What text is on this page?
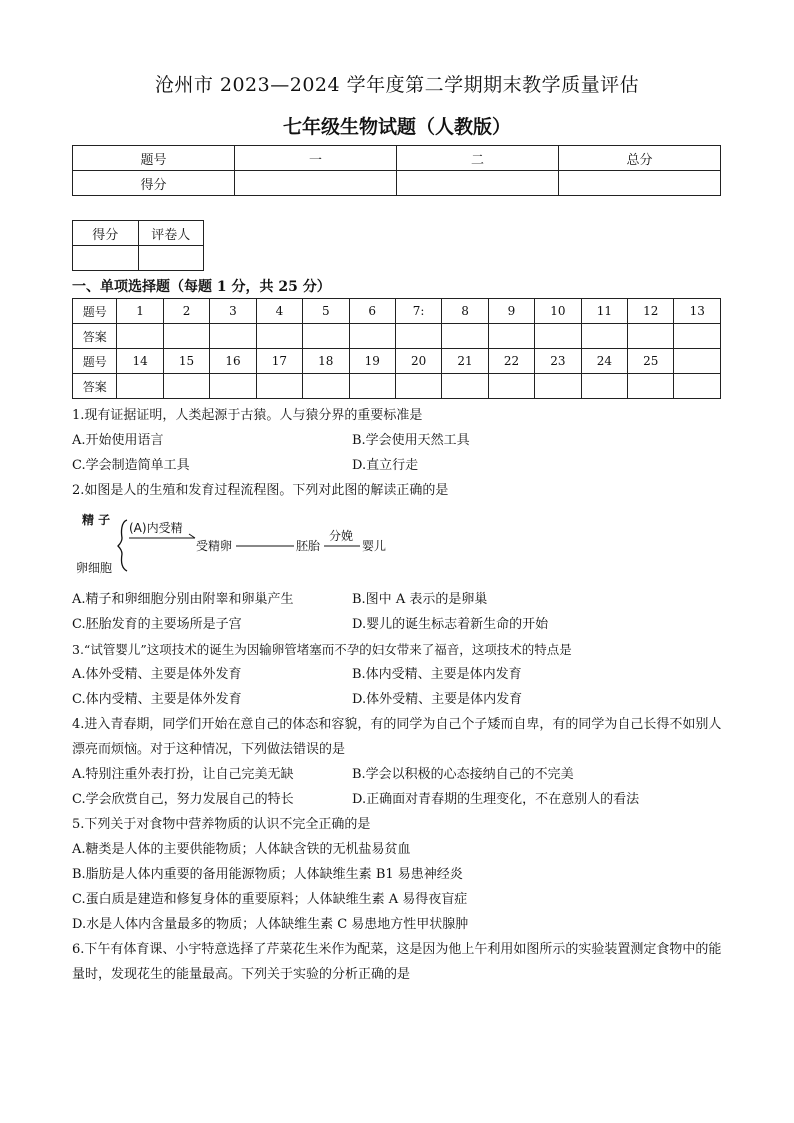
沧州市 2023—2024 学年度第二学期期末教学质量评估
七年级生物试题（人教版）
题号	一	二	总分
得分			
得分	评卷人

一、单项选择题（每题 1 分，共 25 分）
题号	1	2	3	4	5	6	7:	8	9	10	11	12	13
答案													
题号	14	15	16	17	18	19	20	21	22	23	24	25	
答案													
1.现有证据证明，人类起源于古猿。人与猿分界的重要标准是
A.开始使用语言	B.学会使用天然工具
C.学会制造简单工具	D.直立行走
2.如图是人的生殖和发育过程流程图。下列对此图的解读正确的是
精 子
卵细胞
(A)内受精
受精卵	胚胎
分娩
婴儿
A.精子和卵细胞分别由附睾和卵巢产生	B.图中 A 表示的是卵巢
C.胚胎发育的主要场所是子宫	D.婴儿的诞生标志着新生命的开始
3.“试管婴儿”这项技术的诞生为因输卵管堵塞而不孕的妇女带来了福音，这项技术的特点是
A.体外受精、主要是体外发育	B.体内受精、主要是体内发育
C.体内受精、主要是体外发育	D.体外受精、主要是体内发育
4.进入青春期，同学们开始在意自己的体态和容貌，有的同学为自己个子矮而自卑，有的同学为自己长得不如别人漂亮而烦恼。对于这种情况，下列做法错误的是
A.特别注重外表打扮，让自己完美无缺	B.学会以积极的心态接纳自己的不完美
C.学会欣赏自己，努力发展自己的特长	D.正确面对青春期的生理变化，不在意别人的看法
5.下列关于对食物中营养物质的认识不完全正确的是
A.糖类是人体的主要供能物质；人体缺含铁的无机盐易贫血
B.脂肪是人体内重要的备用能源物质；人体缺维生素 B1 易患神经炎
C.蛋白质是建造和修复身体的重要原料；人体缺维生素 A 易得夜盲症
D.水是人体内含量最多的物质；人体缺维生素 C 易患地方性甲状腺肿
6.下午有体育课、小宇特意选择了芹菜花生米作为配菜，这是因为他上午利用如图所示的实验装置测定食物中的能量时，发现花生的能量最高。下列关于实验的分析正确的是
